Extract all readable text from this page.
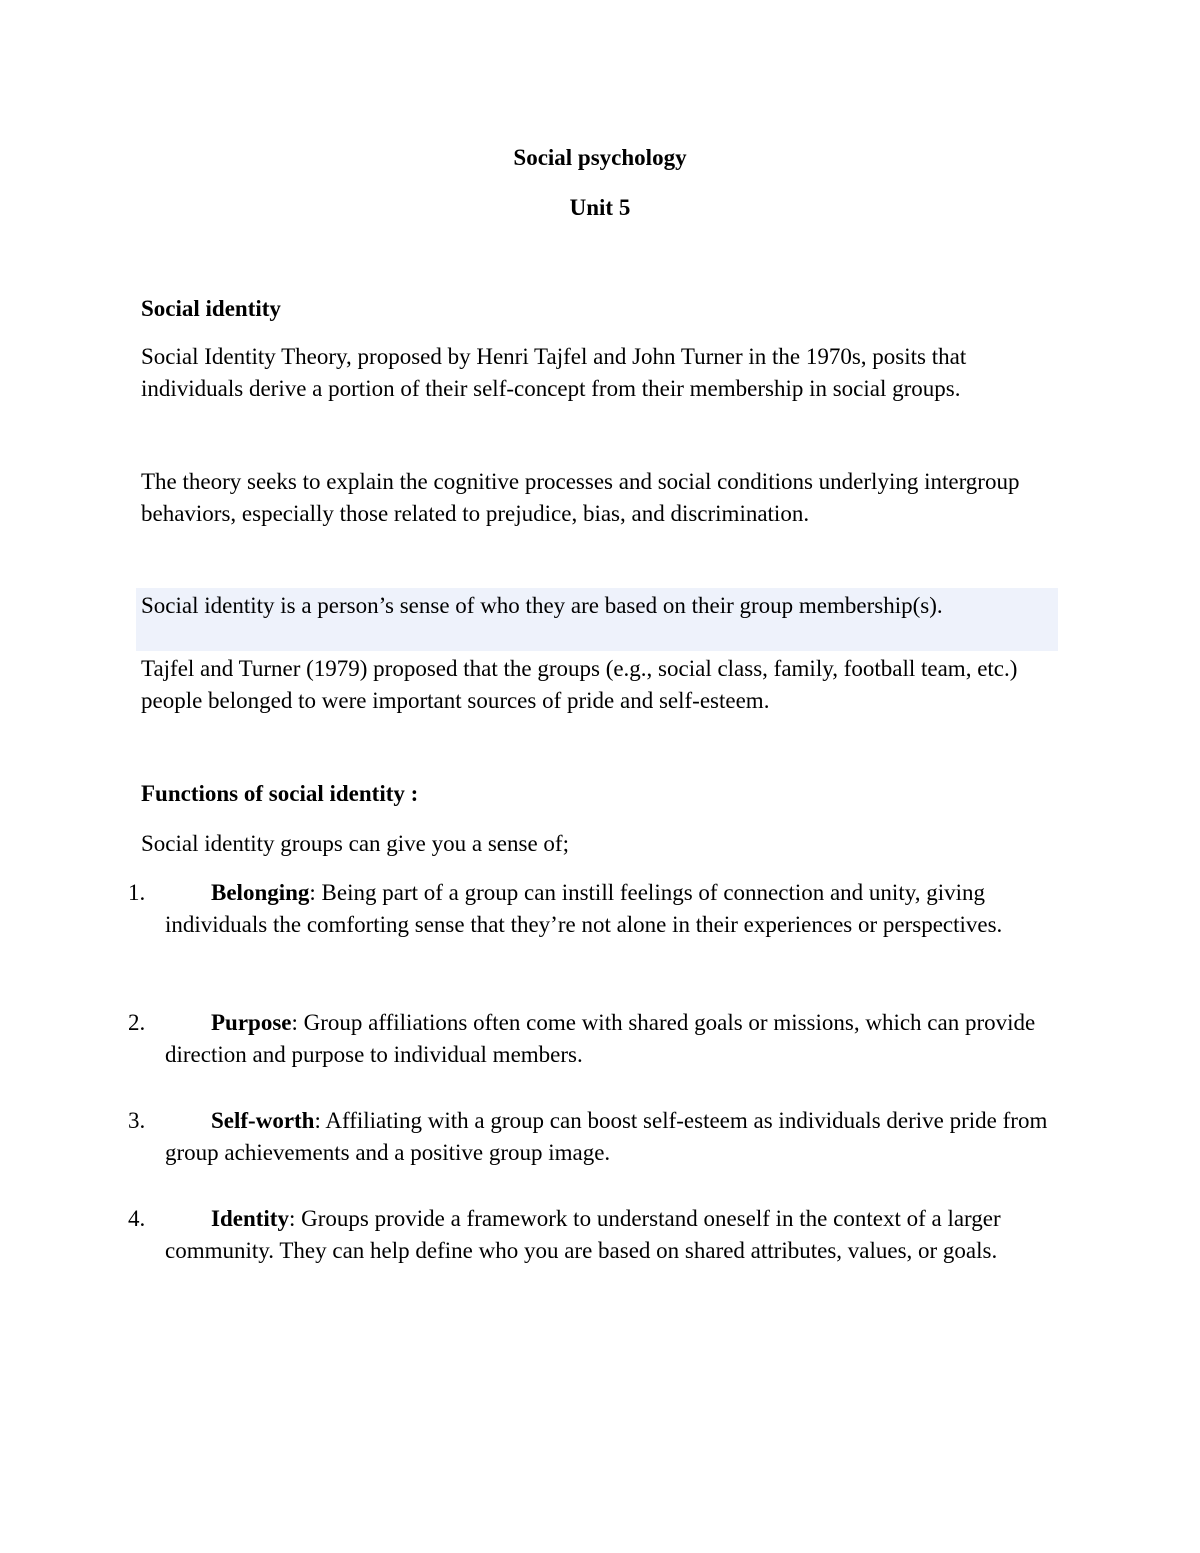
Social psychology
Unit 5
Social identity
Social Identity Theory, proposed by Henri Tajfel and John Turner in the 1970s, posits that individuals derive a portion of their self-concept from their membership in social groups.
The theory seeks to explain the cognitive processes and social conditions underlying intergroup behaviors, especially those related to prejudice, bias, and discrimination.
Social identity is a person’s sense of who they are based on their group membership(s).
Tajfel and Turner (1979) proposed that the groups (e.g., social class, family, football team, etc.) people belonged to were important sources of pride and self-esteem.
Functions of social identity :
Social identity groups can give you a sense of;
1.	Belonging: Being part of a group can instill feelings of connection and unity, giving individuals the comforting sense that they’re not alone in their experiences or perspectives.
2.	Purpose: Group affiliations often come with shared goals or missions, which can provide direction and purpose to individual members.
3.	Self-worth: Affiliating with a group can boost self-esteem as individuals derive pride from group achievements and a positive group image.
4.	Identity: Groups provide a framework to understand oneself in the context of a larger community. They can help define who you are based on shared attributes, values, or goals.
